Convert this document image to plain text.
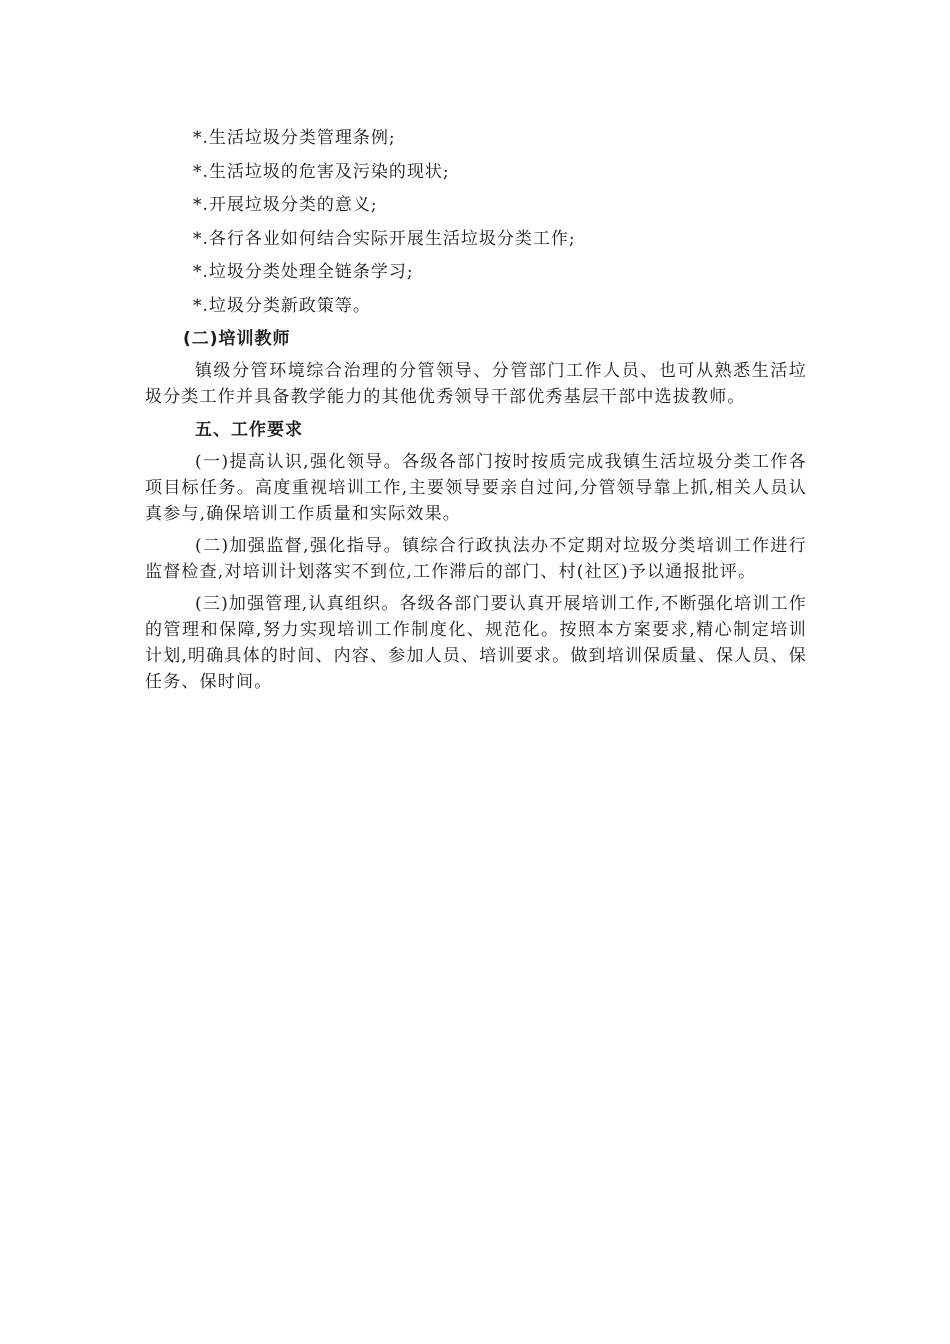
*.生活垃圾分类管理条例;
*.生活垃圾的危害及污染的现状;
*.开展垃圾分类的意义;
*.各行各业如何结合实际开展生活垃圾分类工作;
*.垃圾分类处理全链条学习;
*.垃圾分类新政策等。
(二)培训教师

镇级分管环境综合治理的分管领导、分管部门工作人员、也可从熟悉生活垃圾分类工作并具备教学能力的其他优秀领导干部优秀基层干部中选拔教师。

五、工作要求

(一)提高认识,强化领导。各级各部门按时按质完成我镇生活垃圾分类工作各项目标任务。高度重视培训工作,主要领导要亲自过问,分管领导靠上抓,相关人员认真参与,确保培训工作质量和实际效果。

(二)加强监督,强化指导。镇综合行政执法办不定期对垃圾分类培训工作进行监督检查,对培训计划落实不到位,工作滞后的部门、村(社区)予以通报批评。

(三)加强管理,认真组织。各级各部门要认真开展培训工作,不断强化培训工作的管理和保障,努力实现培训工作制度化、规范化。按照本方案要求,精心制定培训计划,明确具体的时间、内容、参加人员、培训要求。做到培训保质量、保人员、保任务、保时间。
